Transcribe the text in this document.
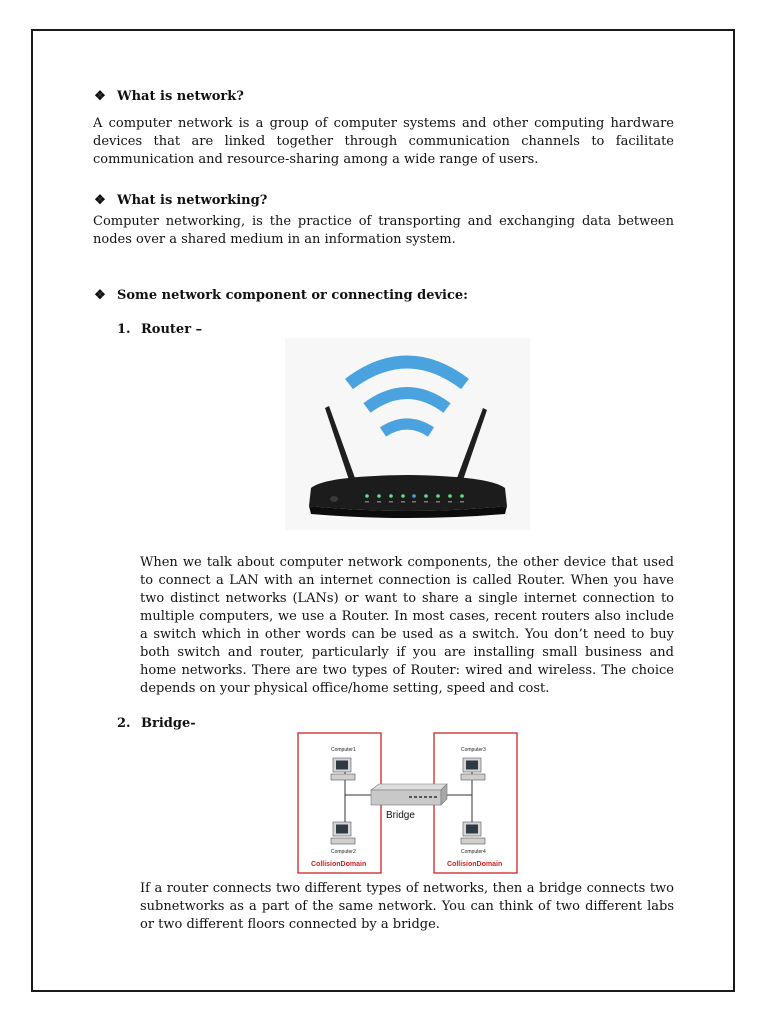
❖ What is network?
A computer network is a group of computer systems and other computing hardware devices that are linked together through communication channels to facilitate communication and resource-sharing among a wide range of users.
❖ What is networking?
Computer networking, is the practice of transporting and exchanging data between nodes over a shared medium in an information system.
❖ Some network component or connecting device:
1. Router –
When we talk about computer network components, the other device that used to connect a LAN with an internet connection is called Router. When you have two distinct networks (LANs) or want to share a single internet connection to multiple computers, we use a Router. In most cases, recent routers also include a switch which in other words can be used as a switch. You don’t need to buy both switch and router, particularly if you are installing small business and home networks. There are two types of Router: wired and wireless. The choice depends on your physical office/home setting, speed and cost.
2. Bridge-
Bridge
Computer1
Computer2
Computer3
Computer4
CollisionDomain	CollisionDomain
If a router connects two different types of networks, then a bridge connects two subnetworks as a part of the same network. You can think of two different labs or two different floors connected by a bridge.
